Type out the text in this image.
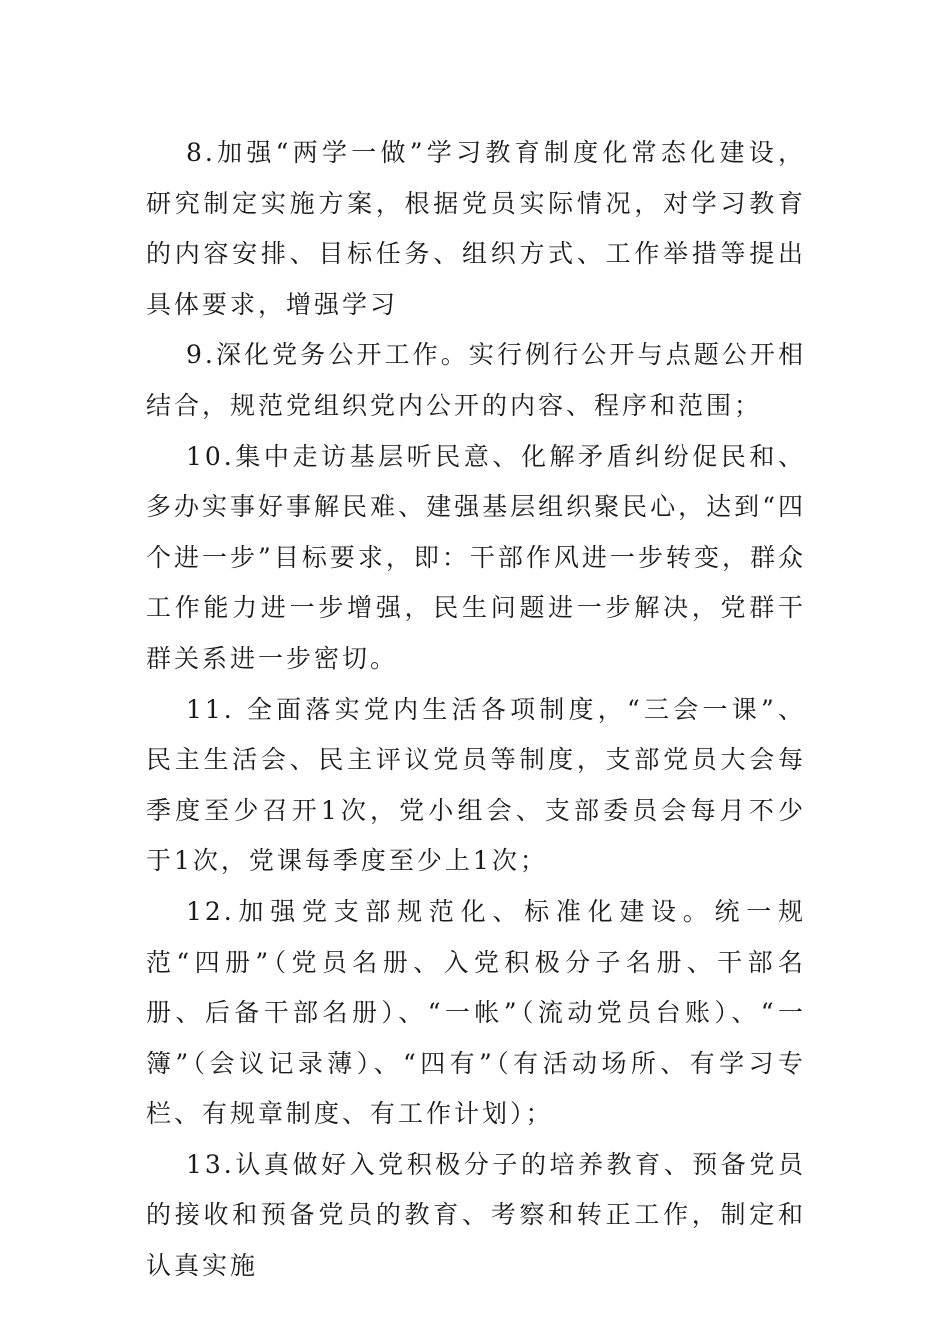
8.加强“两学一做”学习教育制度化常态化建设，研究制定实施方案，根据党员实际情况，对学习教育的内容安排、目标任务、组织方式、工作举措等提出具体要求，增强学习

9.深化党务公开工作。实行例行公开与点题公开相结合，规范党组织党内公开的内容、程序和范围；

10.集中走访基层听民意、化解矛盾纠纷促民和、多办实事好事解民难、建强基层组织聚民心，达到“四个进一步”目标要求，即：干部作风进一步转变，群众工作能力进一步增强，民生问题进一步解决，党群干群关系进一步密切。

11. 全面落实党内生活各项制度，“三会一课”、民主生活会、民主评议党员等制度，支部党员大会每季度至少召开1次，党小组会、支部委员会每月不少于1次，党课每季度至少上1次；

12.加强党支部规范化、标准化建设。统一规范“四册”（党员名册、入党积极分子名册、干部名册、后备干部名册）、“一帐”（流动党员台账）、“一簿”（会议记录薄）、“四有”（有活动场所、有学习专栏、有规章制度、有工作计划）；

13.认真做好入党积极分子的培养教育、预备党员的接收和预备党员的教育、考察和转正工作，制定和认真实施
